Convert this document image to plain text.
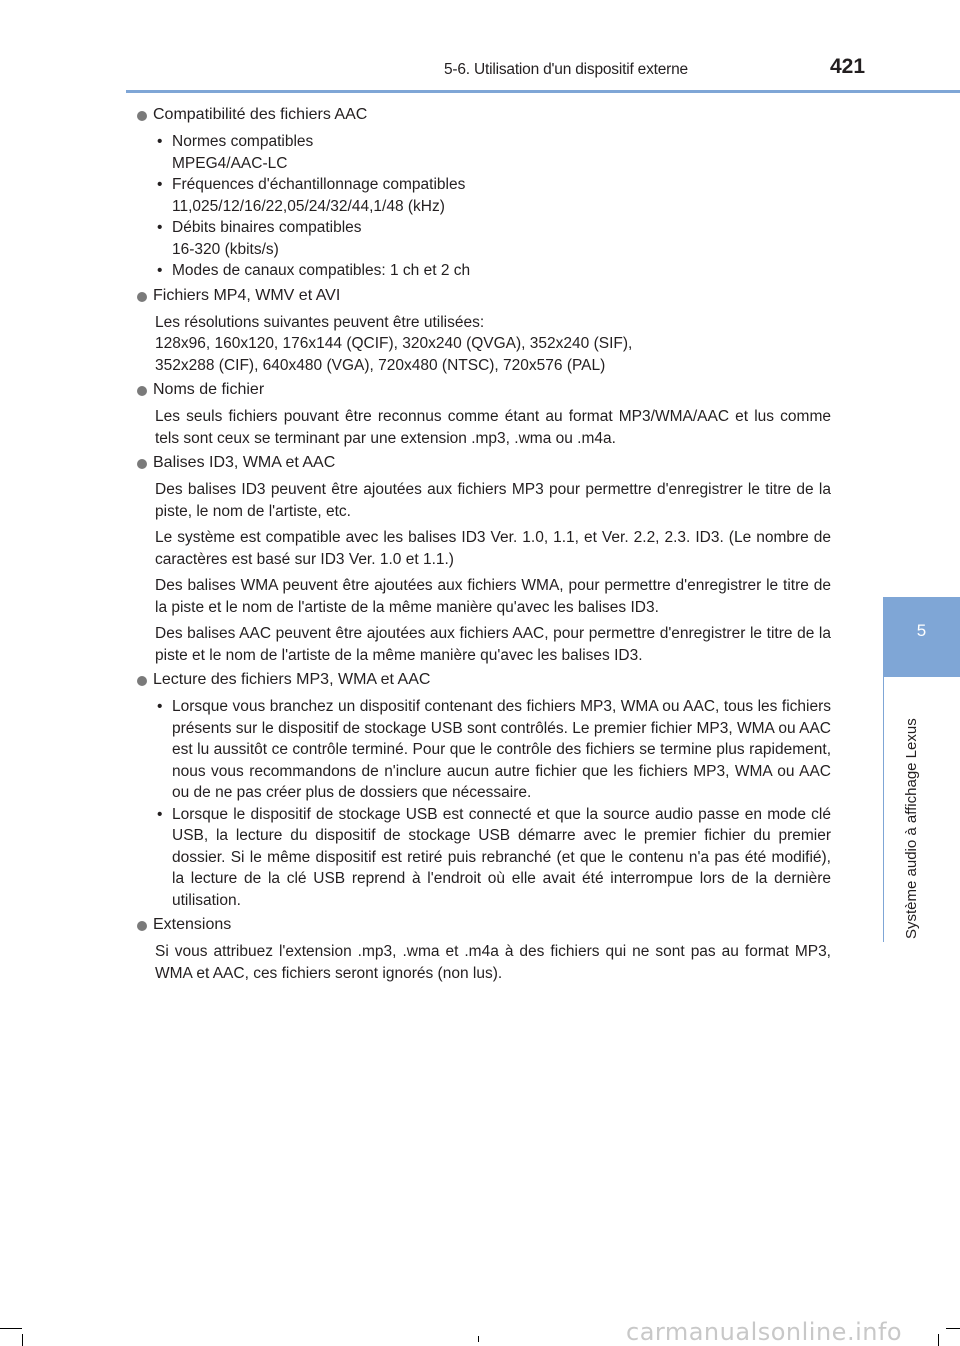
5-6. Utilisation d'un dispositif externe	421
5
Système audio à affichage Lexus
Compatibilité des fichiers AAC
• Normes compatibles
MPEG4/AAC-LC
• Fréquences d'échantillonnage compatibles
11,025/12/16/22,05/24/32/44,1/48 (kHz)
• Débits binaires compatibles
16-320 (kbits/s)
• Modes de canaux compatibles: 1 ch et 2 ch
Fichiers MP4, WMV et AVI
Les résolutions suivantes peuvent être utilisées:
128x96, 160x120, 176x144 (QCIF), 320x240 (QVGA), 352x240 (SIF),
352x288 (CIF), 640x480 (VGA), 720x480 (NTSC), 720x576 (PAL)
Noms de fichier

Les seuls fichiers pouvant être reconnus comme étant au format MP3/WMA/AAC et lus comme tels sont ceux se terminant par une extension .mp3, .wma ou .m4a.

Balises ID3, WMA et AAC

Des balises ID3 peuvent être ajoutées aux fichiers MP3 pour permettre d'enregistrer le titre de la piste, le nom de l'artiste, etc.

Le système est compatible avec les balises ID3 Ver. 1.0, 1.1, et Ver. 2.2, 2.3. ID3. (Le nombre de caractères est basé sur ID3 Ver. 1.0 et 1.1.)

Des balises WMA peuvent être ajoutées aux fichiers WMA, pour permettre d'enregistrer le titre de la piste et le nom de l'artiste de la même manière qu'avec les balises ID3.

Des balises AAC peuvent être ajoutées aux fichiers AAC, pour permettre d'enregistrer le titre de la piste et le nom de l'artiste de la même manière qu'avec les balises ID3.

Lecture des fichiers MP3, WMA et AAC
• Lorsque vous branchez un dispositif contenant des fichiers MP3, WMA ou AAC, tous les fichiers présents sur le dispositif de stockage USB sont contrôlés. Le premier fichier MP3, WMA ou AAC est lu aussitôt ce contrôle terminé. Pour que le contrôle des fichiers se termine plus rapidement, nous vous recommandons de n'inclure aucun autre fichier que les fichiers MP3, WMA ou AAC ou de ne pas créer plus de dossiers que nécessaire.
• Lorsque le dispositif de stockage USB est connecté et que la source audio passe en mode clé USB, la lecture du dispositif de stockage USB démarre avec le premier fichier du premier dossier. Si le même dispositif est retiré puis rebranché (et que le contenu n'a pas été modifié), la lecture de la clé USB reprend à l'endroit où elle avait été interrompue lors de la dernière utilisation.
Extensions

Si vous attribuez l'extension .mp3, .wma et .m4a à des fichiers qui ne sont pas au format MP3, WMA et AAC, ces fichiers seront ignorés (non lus).

carmanualsonline.info
